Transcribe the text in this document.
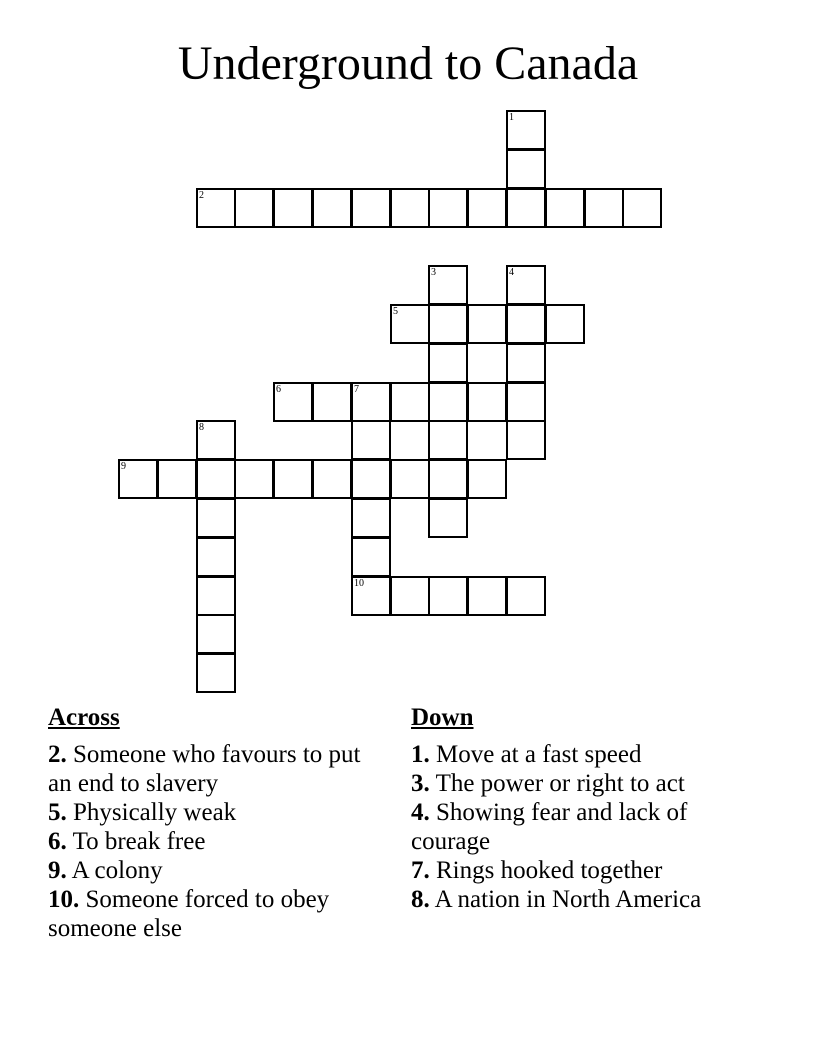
Underground to Canada
1
2
3	4
5
6	7
10
8
9
Across

2. Someone who favours to put an end to slavery

5. Physically weak

6. To break free

9. A colony

10. Someone forced to obey someone else

Down

1. Move at a fast speed

3. The power or right to act

4. Showing fear and lack of courage

7. Rings hooked together

8. A nation in North America
